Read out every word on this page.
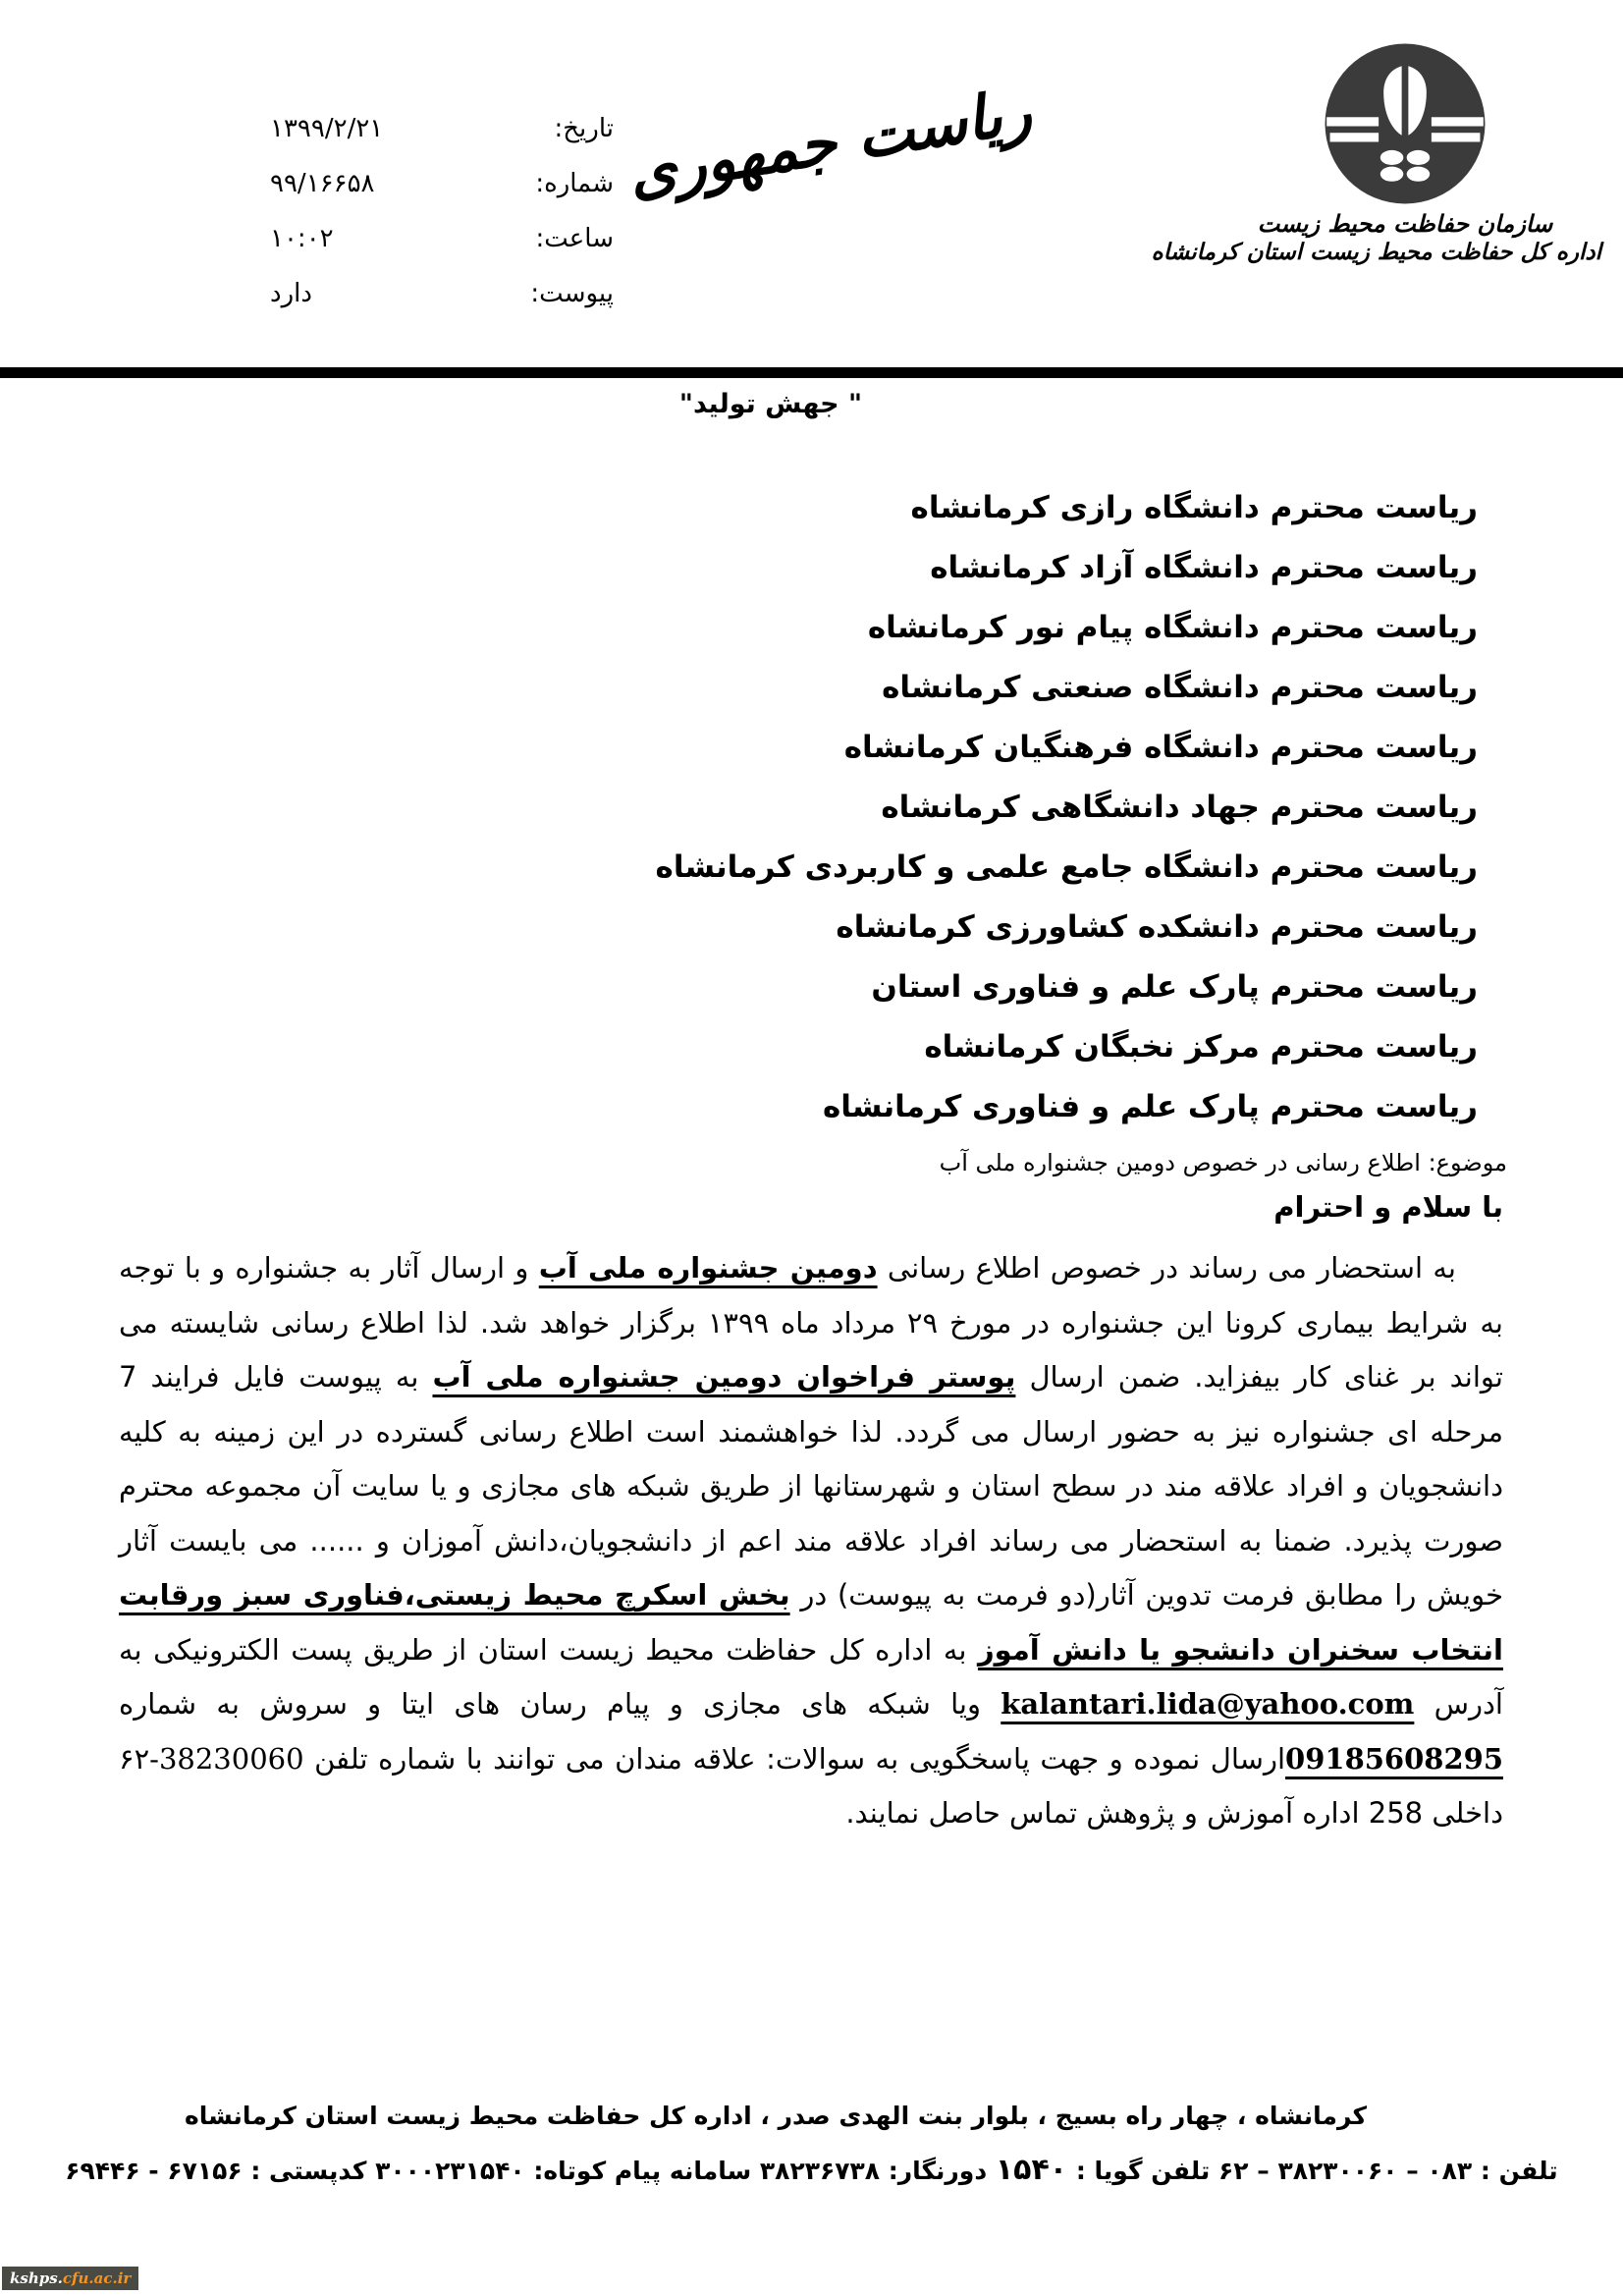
تاریخ:
۱۳۹۹/۲/۲۱
شماره:
۹۹/۱۶۶۵۸
ساعت:
۱۰:۰۲
پیوست:
دارد
ریاست جمهوری
سازمان حفاظت محیط زیست
اداره کل حفاظت محیط زیست استان کرمانشاه
" جهش تولید"
ریاست محترم دانشگاه رازی کرمانشاه
ریاست محترم دانشگاه آزاد کرمانشاه
ریاست محترم دانشگاه پیام نور کرمانشاه
ریاست محترم دانشگاه صنعتی کرمانشاه
ریاست محترم دانشگاه فرهنگیان کرمانشاه
ریاست محترم جهاد دانشگاهی کرمانشاه
ریاست محترم دانشگاه جامع علمی و کاربردی کرمانشاه
ریاست محترم دانشکده کشاورزی کرمانشاه
ریاست محترم پارک علم و فناوری استان
ریاست محترم مرکز نخبگان کرمانشاه
ریاست محترم پارک علم و فناوری کرمانشاه
موضوع: اطلاع رسانی در خصوص دومین جشنواره ملی آب
با سلام و احترام

به استحضار می رساند در خصوص اطلاع رسانی دومین جشنواره ملی آب و ارسال آثار به جشنواره و با توجه به شرایط بیماری کرونا این جشنواره در مورخ ۲۹ مرداد ماه ۱۳۹۹ برگزار خواهد شد. لذا اطلاع رسانی شایسته می تواند بر غنای کار بیفزاید. ضمن ارسال پوستر فراخوان دومین جشنواره ملی آب به پیوست فایل فرایند 7 مرحله ای جشنواره نیز به حضور ارسال می گردد. لذا خواهشمند است اطلاع رسانی گسترده در این زمینه به کلیه دانشجویان و افراد علاقه مند در سطح استان و شهرستانها از طریق شبکه های مجازی و یا سایت آن مجموعه محترم صورت پذیرد. ضمنا به استحضار می رساند افراد علاقه مند اعم از دانشجویان،دانش آموزان و ...... می بایست آثار خویش را مطابق فرمت تدوین آثار(دو فرمت به پیوست) در بخش اسکرچ محیط زیستی،فناوری سبز ورقابت انتخاب سخنران دانشجو یا دانش آموز به اداره کل حفاظت محیط زیست استان از طریق پست الکترونیکی به آدرس kalantari.lida@yahoo.com ویا شبکه های مجازی و پیام رسان های ایتا و سروش به شماره 09185608295ارسال نموده و جهت پاسخگویی به سوالات: علاقه مندان می توانند با شماره تلفن ۶۲-38230060 داخلی 258 اداره آموزش و پژوهش تماس حاصل نمایند.

کرمانشاه ، چهار راه بسیج ، بلوار بنت الهدی صدر ، اداره کل حفاظت محیط زیست استان کرمانشاه
تلفن : ۶۲ – ۳۸۲۳۰۰۶۰ – ۰۸۳ تلفن گویا : ۱۵۴۰ دورنگار: ۳۸۲۳۶۷۳۸ سامانه پیام کوتاه: ۳۰۰۰۲۳۱۵۴۰ کدپستی : ۶۹۴۴۶ - ۶۷۱۵۶
kshps.cfu.ac.ir
